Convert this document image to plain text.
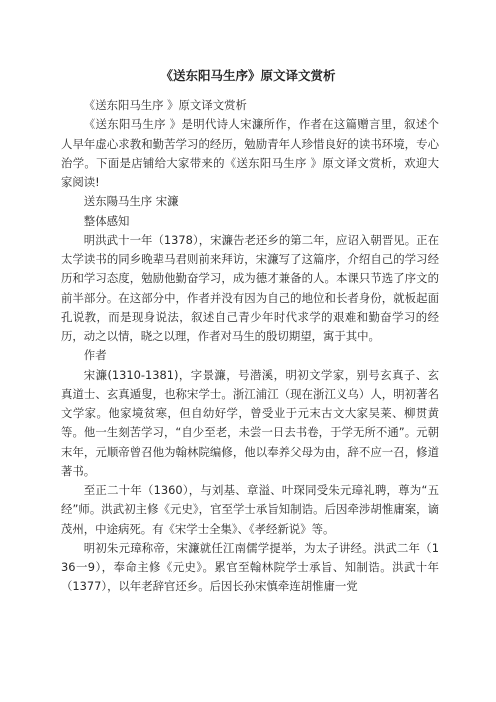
《送东阳马生序》原文译文赏析

《送东阳马生序 》原文译文赏析

《送东阳马生序 》是明代诗人宋濂所作，作者在这篇赠言里，叙述个人早年虚心求教和勤苦学习的经历，勉励青年人珍惜良好的读书环境，专心治学。下面是店铺给大家带来的《送东阳马生序 》原文译文赏析，欢迎大家阅读!

送东陽马生序 宋濂

整体感知

明洪武十一年（1378），宋濂告老还乡的第二年，应诏入朝晋见。正在太学读书的同乡晚辈马君则前来拜访，宋濂写了这篇序，介绍自己的学习经历和学习态度，勉励他勤奋学习，成为德才兼备的人。本课只节选了序文的前半部分。在这部分中，作者并没有因为自己的地位和长者身份，就板起面孔说教，而是现身说法，叙述自己青少年时代求学的艰难和勤奋学习的经历，动之以情，晓之以理，作者对马生的殷切期望，寓于其中。

作者

宋濂(1310-1381)，字景濂，号潜溪，明初文学家，别号玄真子、玄真道士、玄真遁叟，也称宋学士。浙江浦江（现在浙江义乌）人，明初著名文学家。他家境贫寒，但自幼好学，曾受业于元末古文大家吴莱、柳贯黄等。他一生刻苦学习，“自少至老，未尝一日去书卷，于学无所不通”。元朝末年，元顺帝曾召他为翰林院编修，他以奉养父母为由，辞不应一召，修道著书。

至正二十年（1360），与刘基、章溢、叶琛同受朱元璋礼聘，尊为“五经”师。洪武初主修《元史》，官至学士承旨知制诰。后因牵涉胡惟庸案，谪茂州，中途病死。有《宋学士全集》、《孝经新说》等。

明初朱元璋称帝，宋濂就任江南儒学提举，为太子讲经。洪武二年（136一9），奉命主修《元史》。累官至翰林院学士承旨、知制诰。洪武十年（1377），以年老辞官还乡。后因长孙宋慎牵连胡惟庸一党
